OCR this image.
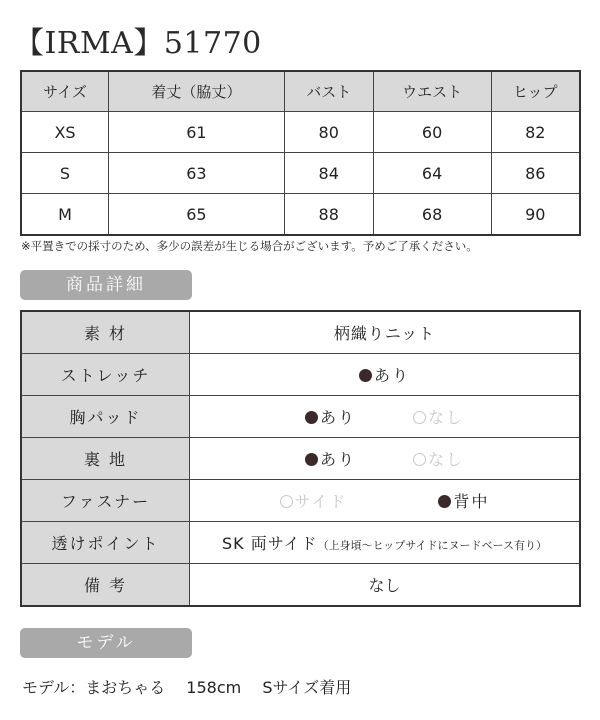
【IRMA】51770
サイズ	着丈（脇丈）	バスト	ウエスト	ヒップ
XS	61	80	60	82
S	63	84	64	86
M	65	88	68	90
※平置きでの採寸のため、多少の誤差が生じる場合がございます。予めご了承ください。
商品詳細
素 材	柄織りニット
ストレッチ	あり
胸パッド	あり なし
裏 地	あり なし
ファスナー	サイド 背中
透けポイント	SK 両サイド（上身頃〜ヒップサイドにヌードベース有り）
備 考	なし
モデル
モデル：まおちゃる 158cm Sサイズ着用
